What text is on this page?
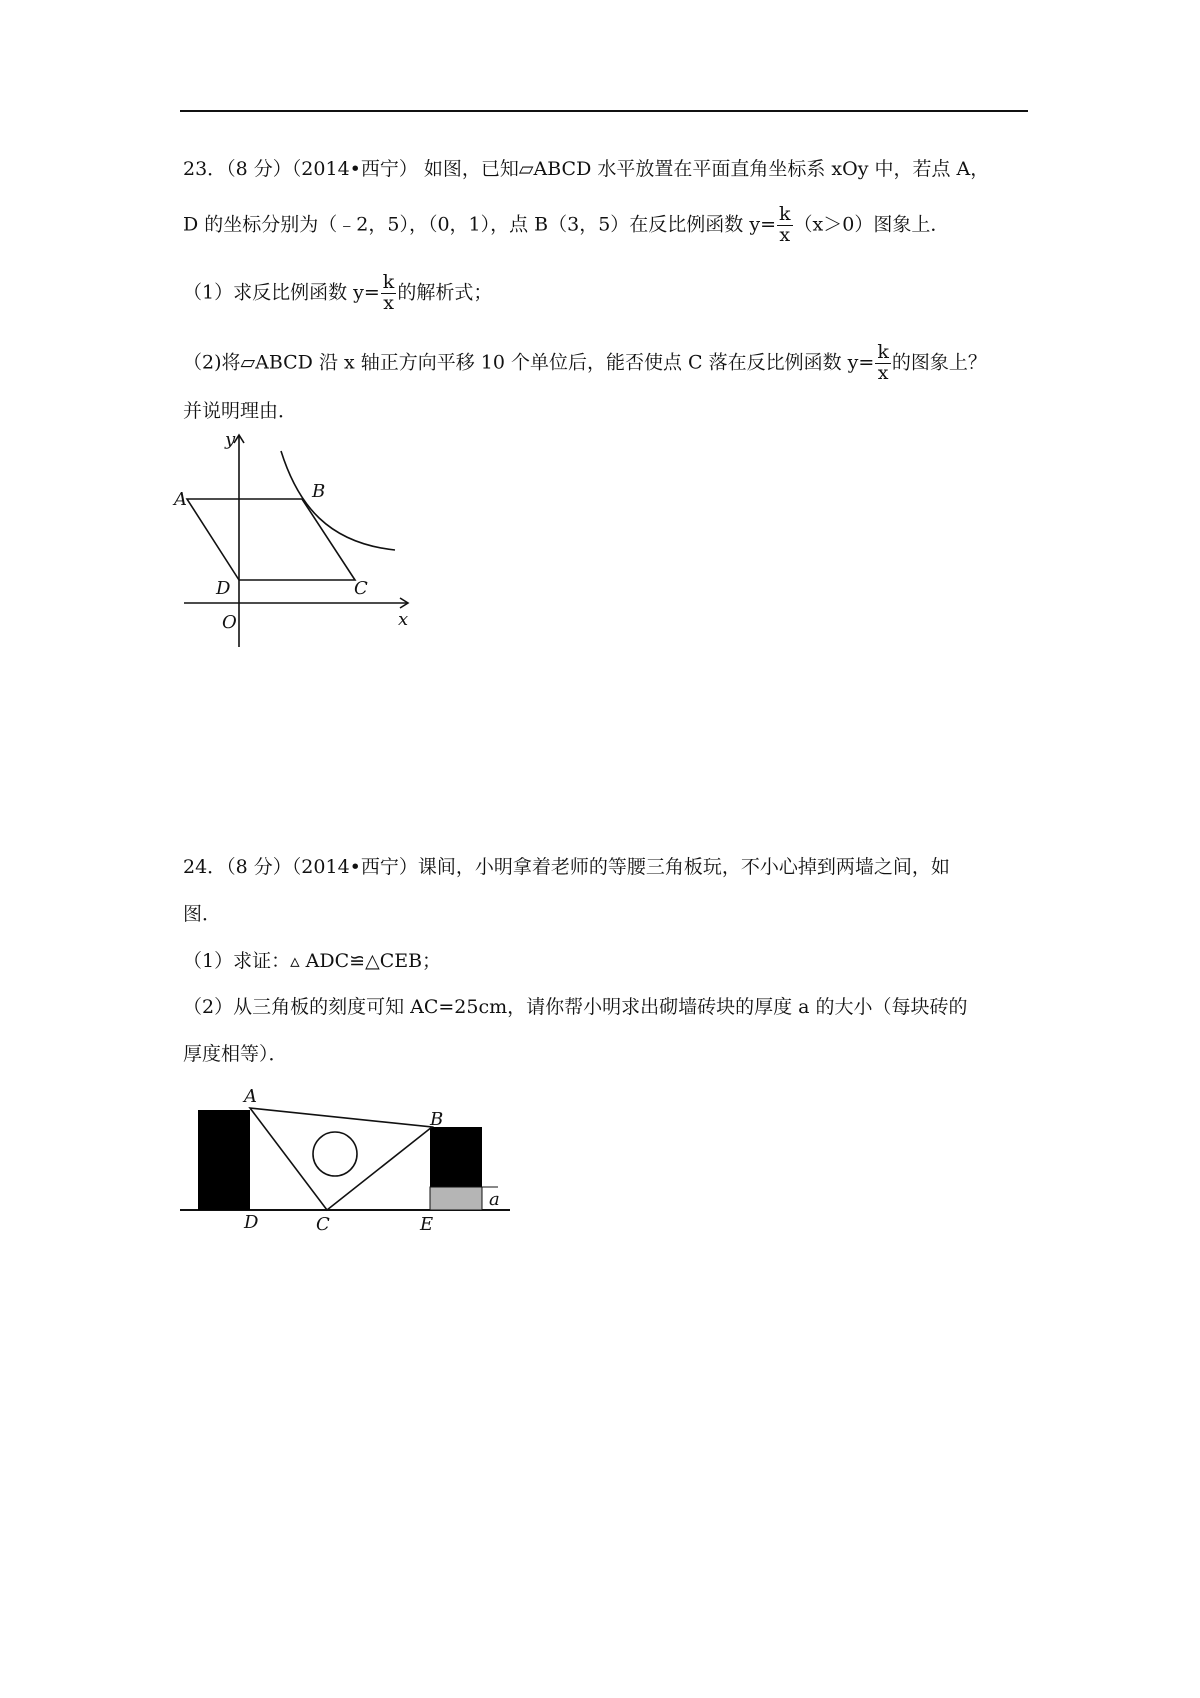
23．（8 分）（2014•西宁） 如图，已知▱ABCD 水平放置在平面直角坐标系 xOy 中，若点 A，
D 的坐标分别为（﹣2，5），（0，1），点 B（3，5）在反比例函数 $y= \frac{k}{x} (x>0)$图象上．
（1）求反比例函数 $y= \frac{k}{x}$ 的解析式；
（2)将▱ABCD 沿 x 轴正方向平移 10 个单位后，能否使点 C 落在反比例函数 $y= \frac{k}{x}$ 的图象上？
并说明理由．
y
x
A	B
C
D
O
24．（8 分）（2014•西宁）课间，小明拿着老师的等腰三角板玩，不小心掉到两墙之间，如
图．
（1）求证：▵ ADC≌△CEB；
（2）从三角板的刻度可知 AC=25cm，请你帮小明求出砌墙砖块的厚度 a 的大小（每块砖的
厚度相等）．
A
B
C
D	E
a
